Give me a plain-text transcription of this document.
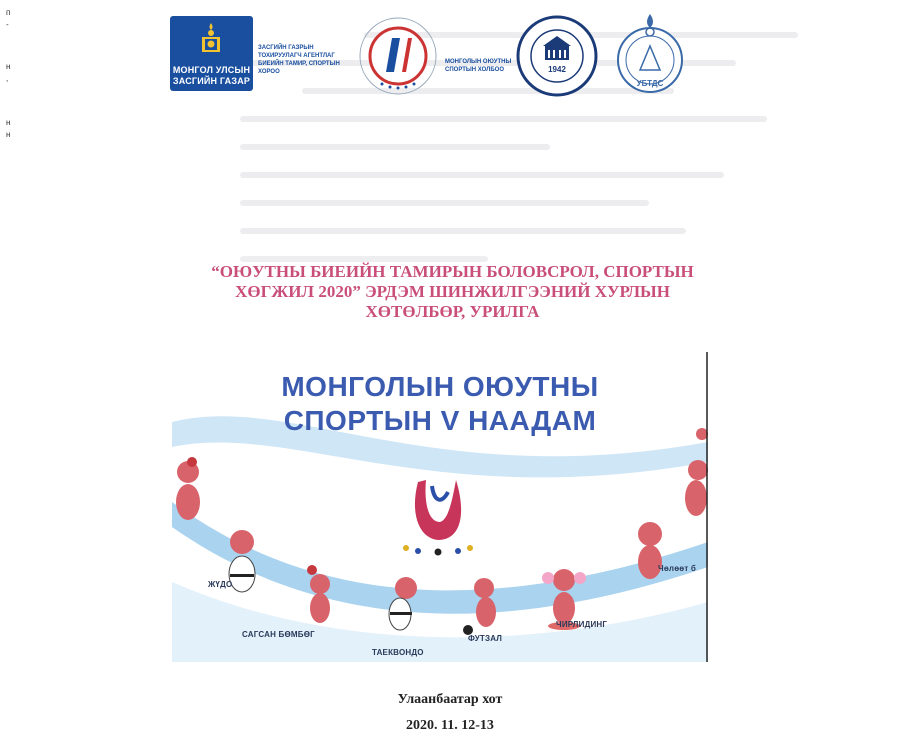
п
-
н
,
н
н
МОНГОЛ УЛСЫН
ЗАСГИЙН ГАЗАР
ЗАСГИЙН ГАЗРЫН ТОХИРУУЛАГЧ АГЕНТЛАГ БИЕИЙН ТАМИР, СПОРТЫН ХОРОО
МОНГОЛЫН ОЮУТНЫ СПОРТЫН ХОЛБОО	1942
УБТДС
“ОЮУТНЫ БИЕИЙН ТАМИРЫН БОЛОВСРОЛ, СПОРТЫН
ХӨГЖИЛ 2020” ЭРДЭМ ШИНЖИЛГЭЭНИЙ ХУРЛЫН
ХӨТӨЛБӨР, УРИЛГА
МОНГОЛЫН ОЮУТНЫ
СПОРТЫН V НААДАМ
ЖҮДО
САГСАН БӨМБӨГ
ТАЕКВОНДО
ФУТЗАЛ
ЧИРЛИДИНГ
Чөлөөт б
Улаанбаатар хот
2020. 11. 12-13
